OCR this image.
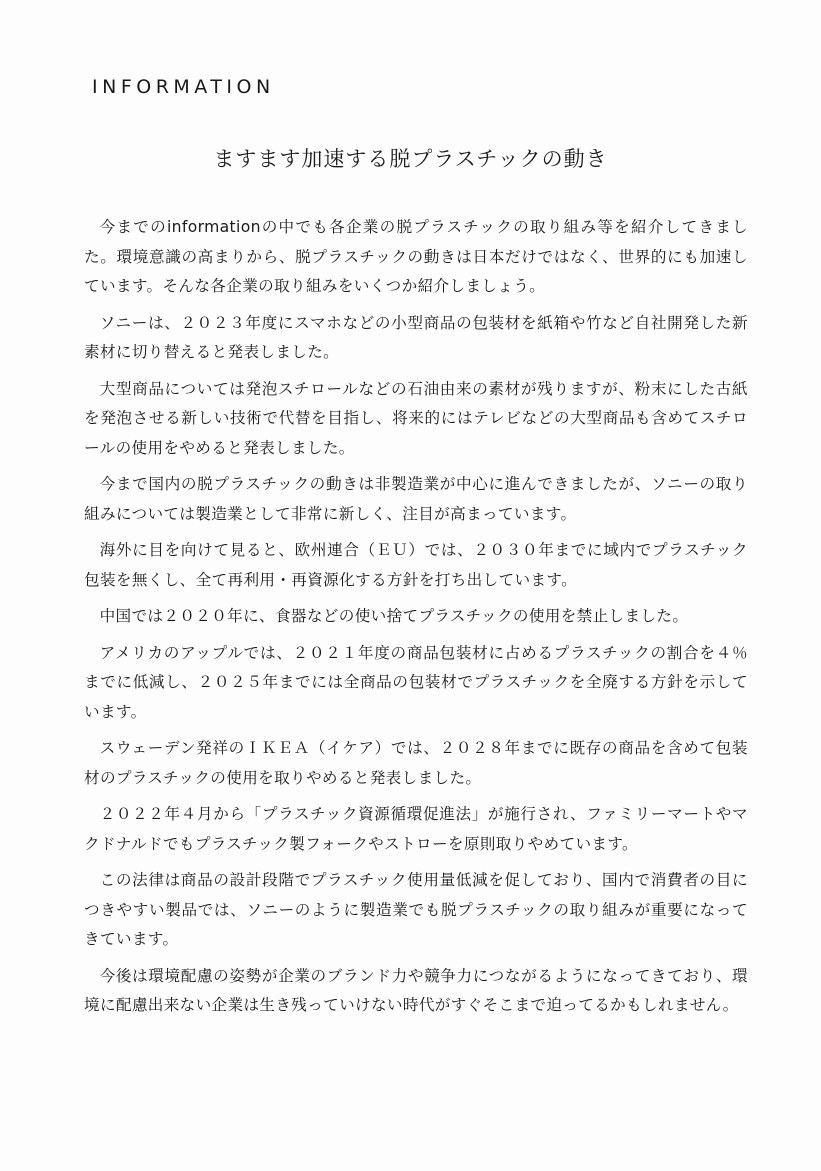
INFORMATION
ますます加速する脱プラスチックの動き

今までのinformationの中でも各企業の脱プラスチックの取り組み等を紹介してきました。環境意識の高まりから、脱プラスチックの動きは日本だけではなく、世界的にも加速しています。そんな各企業の取り組みをいくつか紹介しましょう。

ソニーは、２０２３年度にスマホなどの小型商品の包装材を紙箱や竹など自社開発した新素材に切り替えると発表しました。

大型商品については発泡スチロールなどの石油由来の素材が残りますが、粉末にした古紙を発泡させる新しい技術で代替を目指し、将来的にはテレビなどの大型商品も含めてスチロールの使用をやめると発表しました。

今まで国内の脱プラスチックの動きは非製造業が中心に進んできましたが、ソニーの取り組みについては製造業として非常に新しく、注目が高まっています。

海外に目を向けて見ると、欧州連合（ＥＵ）では、２０３０年までに域内でプラスチック包装を無くし、全て再利用・再資源化する方針を打ち出しています。

中国では２０２０年に、食器などの使い捨てプラスチックの使用を禁止しました。

アメリカのアップルでは、２０２１年度の商品包装材に占めるプラスチックの割合を４％までに低減し、２０２５年までには全商品の包装材でプラスチックを全廃する方針を示しています。

スウェーデン発祥のＩＫＥＡ（イケア）では、２０２８年までに既存の商品を含めて包装材のプラスチックの使用を取りやめると発表しました。

２０２２年４月から「プラスチック資源循環促進法」が施行され、ファミリーマートやマクドナルドでもプラスチック製フォークやストローを原則取りやめています。

この法律は商品の設計段階でプラスチック使用量低減を促しており、国内で消費者の目につきやすい製品では、ソニーのように製造業でも脱プラスチックの取り組みが重要になってきています。

今後は環境配慮の姿勢が企業のブランド力や競争力につながるようになってきており、環境に配慮出来ない企業は生き残っていけない時代がすぐそこまで迫ってるかもしれません。
